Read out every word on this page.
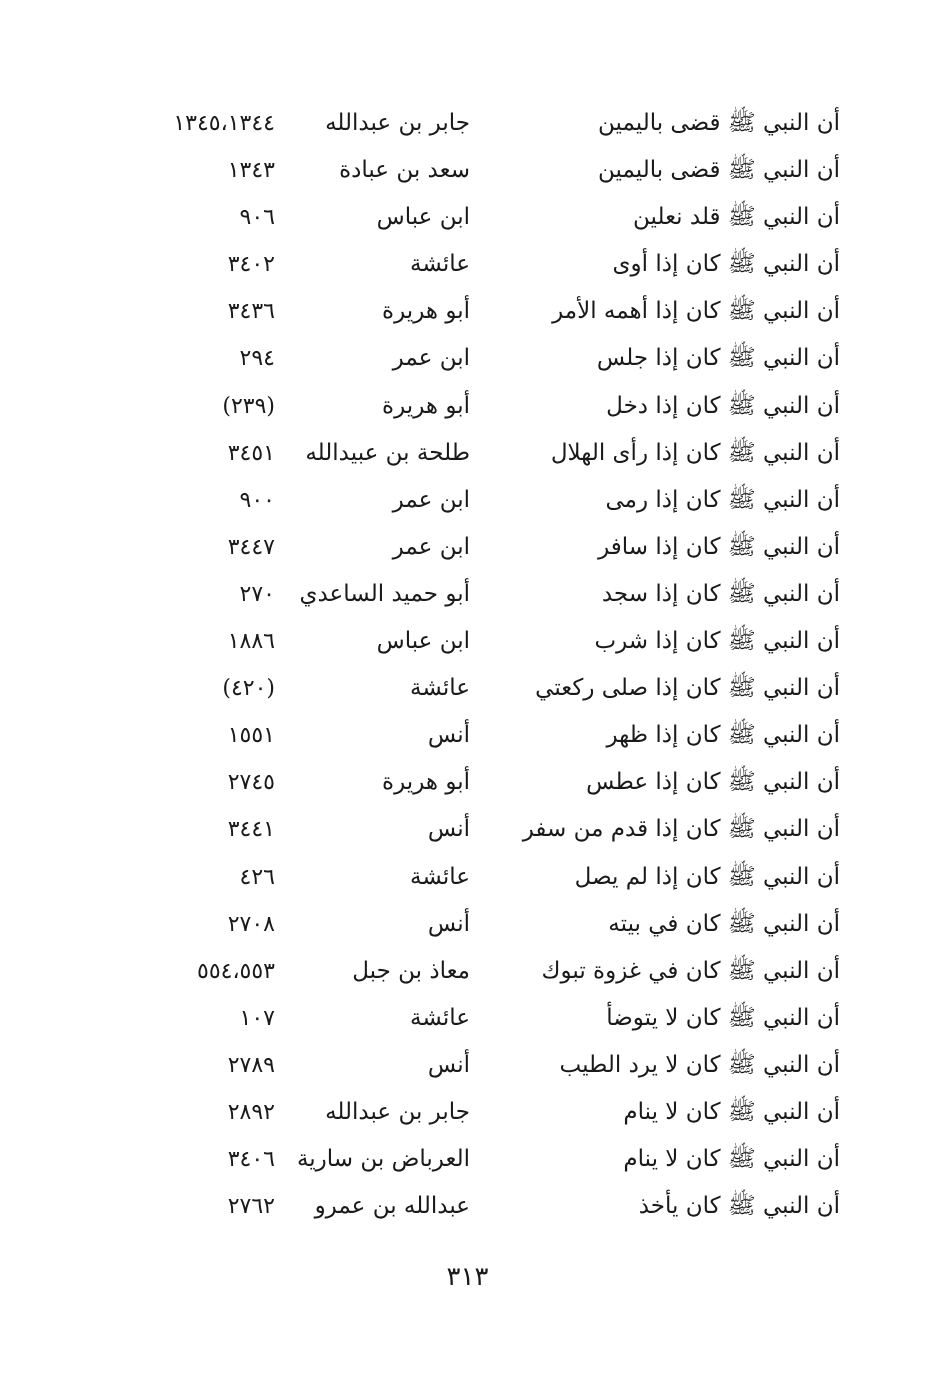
أن النبي ﷺ قضى باليمين
جابر بن عبدالله
١٣٤٥،١٣٤٤
أن النبي ﷺ قضى باليمين
سعد بن عبادة
١٣٤٣
أن النبي ﷺ قلد نعلين
ابن عباس
٩٠٦
أن النبي ﷺ كان إذا أوى
عائشة
٣٤٠٢
أن النبي ﷺ كان إذا أهمه الأمر
أبو هريرة
٣٤٣٦
أن النبي ﷺ كان إذا جلس
ابن عمر
٢٩٤
أن النبي ﷺ كان إذا دخل
أبو هريرة
(٢٣٩)
أن النبي ﷺ كان إذا رأى الهلال
طلحة بن عبيدالله
٣٤٥١
أن النبي ﷺ كان إذا رمى
ابن عمر
٩٠٠
أن النبي ﷺ كان إذا سافر
ابن عمر
٣٤٤٧
أن النبي ﷺ كان إذا سجد
أبو حميد الساعدي
٢٧٠
أن النبي ﷺ كان إذا شرب
ابن عباس
١٨٨٦
أن النبي ﷺ كان إذا صلى ركعتي
عائشة
(٤٢٠)
أن النبي ﷺ كان إذا ظهر
أنس
١٥٥١
أن النبي ﷺ كان إذا عطس
أبو هريرة
٢٧٤٥
أن النبي ﷺ كان إذا قدم من سفر
أنس
٣٤٤١
أن النبي ﷺ كان إذا لم يصل
عائشة
٤٢٦
أن النبي ﷺ كان في بيته
أنس
٢٧٠٨
أن النبي ﷺ كان في غزوة تبوك
معاذ بن جبل
٥٥٤،٥٥٣
أن النبي ﷺ كان لا يتوضأ
عائشة
١٠٧
أن النبي ﷺ كان لا يرد الطيب
أنس
٢٧٨٩
أن النبي ﷺ كان لا ينام
جابر بن عبدالله
٢٨٩٢
أن النبي ﷺ كان لا ينام
العرباض بن سارية
٣٤٠٦
أن النبي ﷺ كان يأخذ
عبدالله بن عمرو
٢٧٦٢
٣١٣
